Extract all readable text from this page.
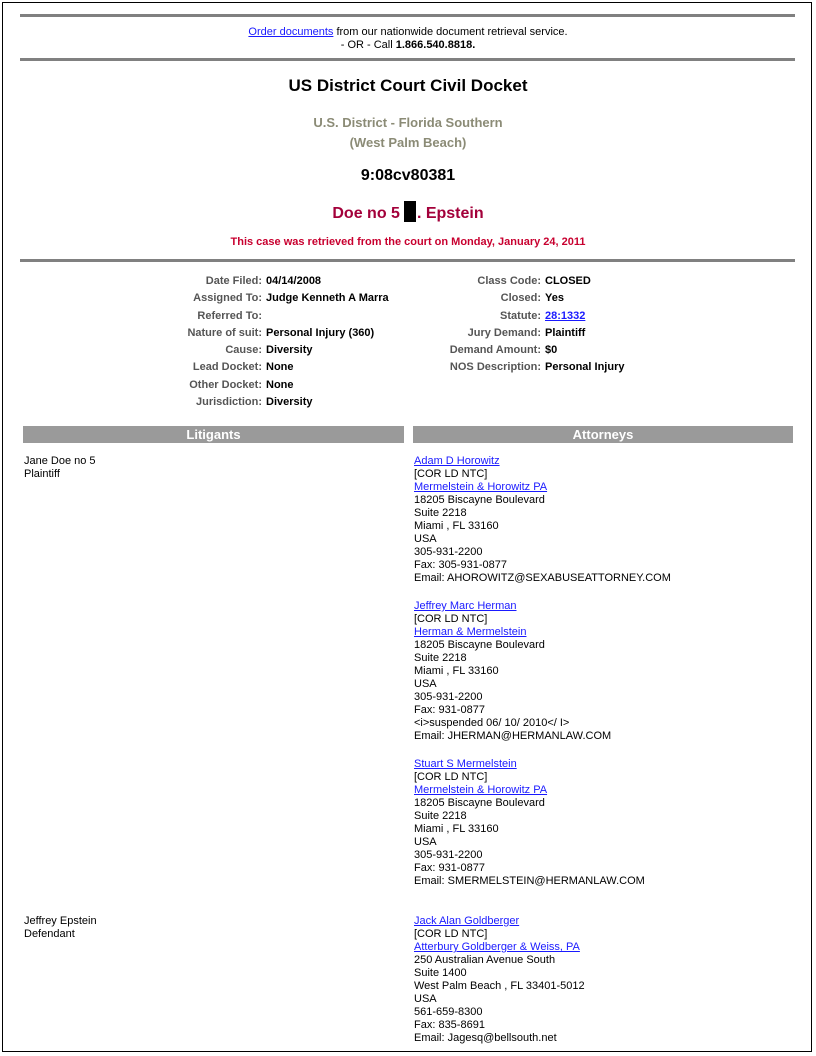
Order documents from our nationwide document retrieval service.
- OR - Call 1.866.540.8818.
US District Court Civil Docket
U.S. District - Florida Southern
(West Palm Beach)
9:08cv80381
Doe no 5 . Epstein
This case was retrieved from the court on Monday, January 24, 2011
Date Filed:
Assigned To:
Referred To:
Nature of suit:
Cause:
Lead Docket:
Other Docket:
Jurisdiction:
04/14/2008
Judge Kenneth A Marra
Personal Injury (360)
Diversity
None
None
Diversity
Class Code:
Closed:
Statute:
Jury Demand:
Demand Amount:
NOS Description:
CLOSED
Yes
28:1332
Plaintiff
$0
Personal Injury
Litigants	Attorneys
Jane Doe no 5
Plaintiff
Jeffrey Epstein
Defendant
Adam D Horowitz
[COR LD NTC]
Mermelstein & Horowitz PA
18205 Biscayne Boulevard
Suite 2218
Miami , FL 33160
USA
305-931-2200
Fax: 305-931-0877
Email: AHOROWITZ@SEXABUSEATTORNEY.COM
Jeffrey Marc Herman
[COR LD NTC]
Herman & Mermelstein
18205 Biscayne Boulevard
Suite 2218
Miami , FL 33160
USA
305-931-2200
Fax: 931-0877
<i>suspended 06/ 10/ 2010</ I>
Email: JHERMAN@HERMANLAW.COM
Stuart S Mermelstein
[COR LD NTC]
Mermelstein & Horowitz PA
18205 Biscayne Boulevard
Suite 2218
Miami , FL 33160
USA
305-931-2200
Fax: 931-0877
Email: SMERMELSTEIN@HERMANLAW.COM
Jack Alan Goldberger
[COR LD NTC]
Atterbury Goldberger & Weiss, PA
250 Australian Avenue South
Suite 1400
West Palm Beach , FL 33401-5012
USA
561-659-8300
Fax: 835-8691
Email: Jagesq@bellsouth.net
